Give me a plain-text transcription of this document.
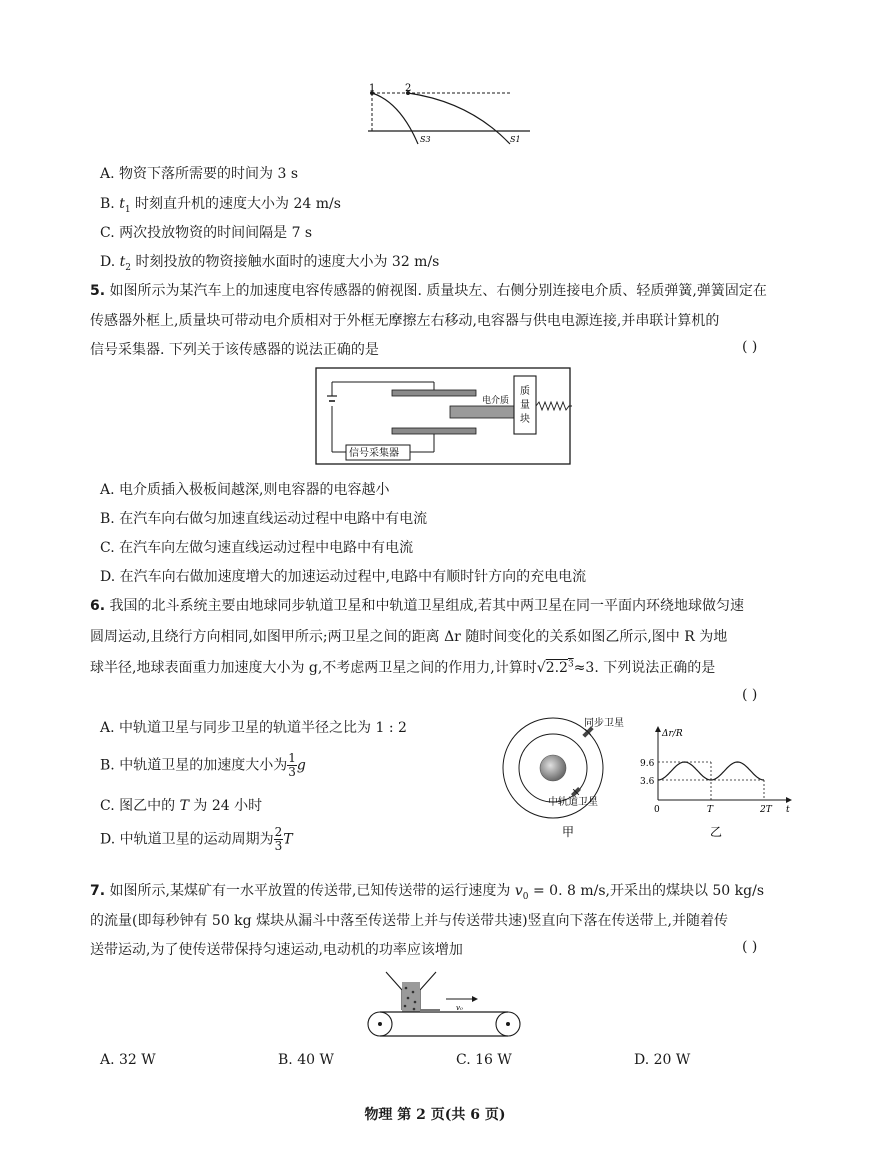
1	2
S3	S1
A. 物资下落所需要的时间为 3 s
B. $t_1$ 时刻直升机的速度大小为 24 m/s
C. 两次投放物资的时间间隔是 7 s
D. $t_2$ 时刻投放的物资接触水面时的速度大小为 32 m/s
5. 如图所示为某汽车上的加速度电容传感器的俯视图. 质量块左、右侧分别连接电介质、轻质弹簧,弹簧固定在
传感器外框上,质量块可带动电介质相对于外框无摩擦左右移动,电容器与供电电源连接,并串联计算机的
信号采集器. 下列关于该传感器的说法正确的是	( )
电介质
质
量
块
信号采集器
A. 电介质插入极板间越深,则电容器的电容越小
B. 在汽车向右做匀加速直线运动过程中电路中有电流
C. 在汽车向左做匀速直线运动过程中电路中有电流
D. 在汽车向右做加速度增大的加速运动过程中,电路中有顺时针方向的充电电流
6. 我国的北斗系统主要由地球同步轨道卫星和中轨道卫星组成,若其中两卫星在同一平面内环绕地球做匀速
圆周运动,且绕行方向相同,如图甲所示;两卫星之间的距离 Δr 随时间变化的关系如图乙所示,图中 R 为地
球半径,地球表面重力加速度大小为 g,不考虑两卫星之间的作用力,计算时$√2.2^3\approx 3$. 下列说法正确的是
( )
A. 中轨道卫星与同步卫星的轨道半径之比为 1 : 2
B. 中轨道卫星的加速度大小为 $\frac{1}{3}$ g
C. 图乙中的 T 为 24 小时
D. 中轨道卫星的运动周期为 $\frac{2}{3}$ T
同步卫星
中轨道卫星
甲
Δr/R
9.6
3.6
0	T	2T t
乙
7. 如图所示,某煤矿有一水平放置的传送带,已知传送带的运行速度为 $v_0 = 0$. 8 m/s,开采出的煤块以 50 kg/s
的流量(即每秒钟有 50 kg 煤块从漏斗中落至传送带上并与传送带共速)竖直向下落在传送带上,并随着传
送带运动,为了使传送带保持匀速运动,电动机的功率应该增加	( )
v₀
A. 32 W	B. 40 W	C. 16 W	D. 20 W
物理 第 2 页(共 6 页)
